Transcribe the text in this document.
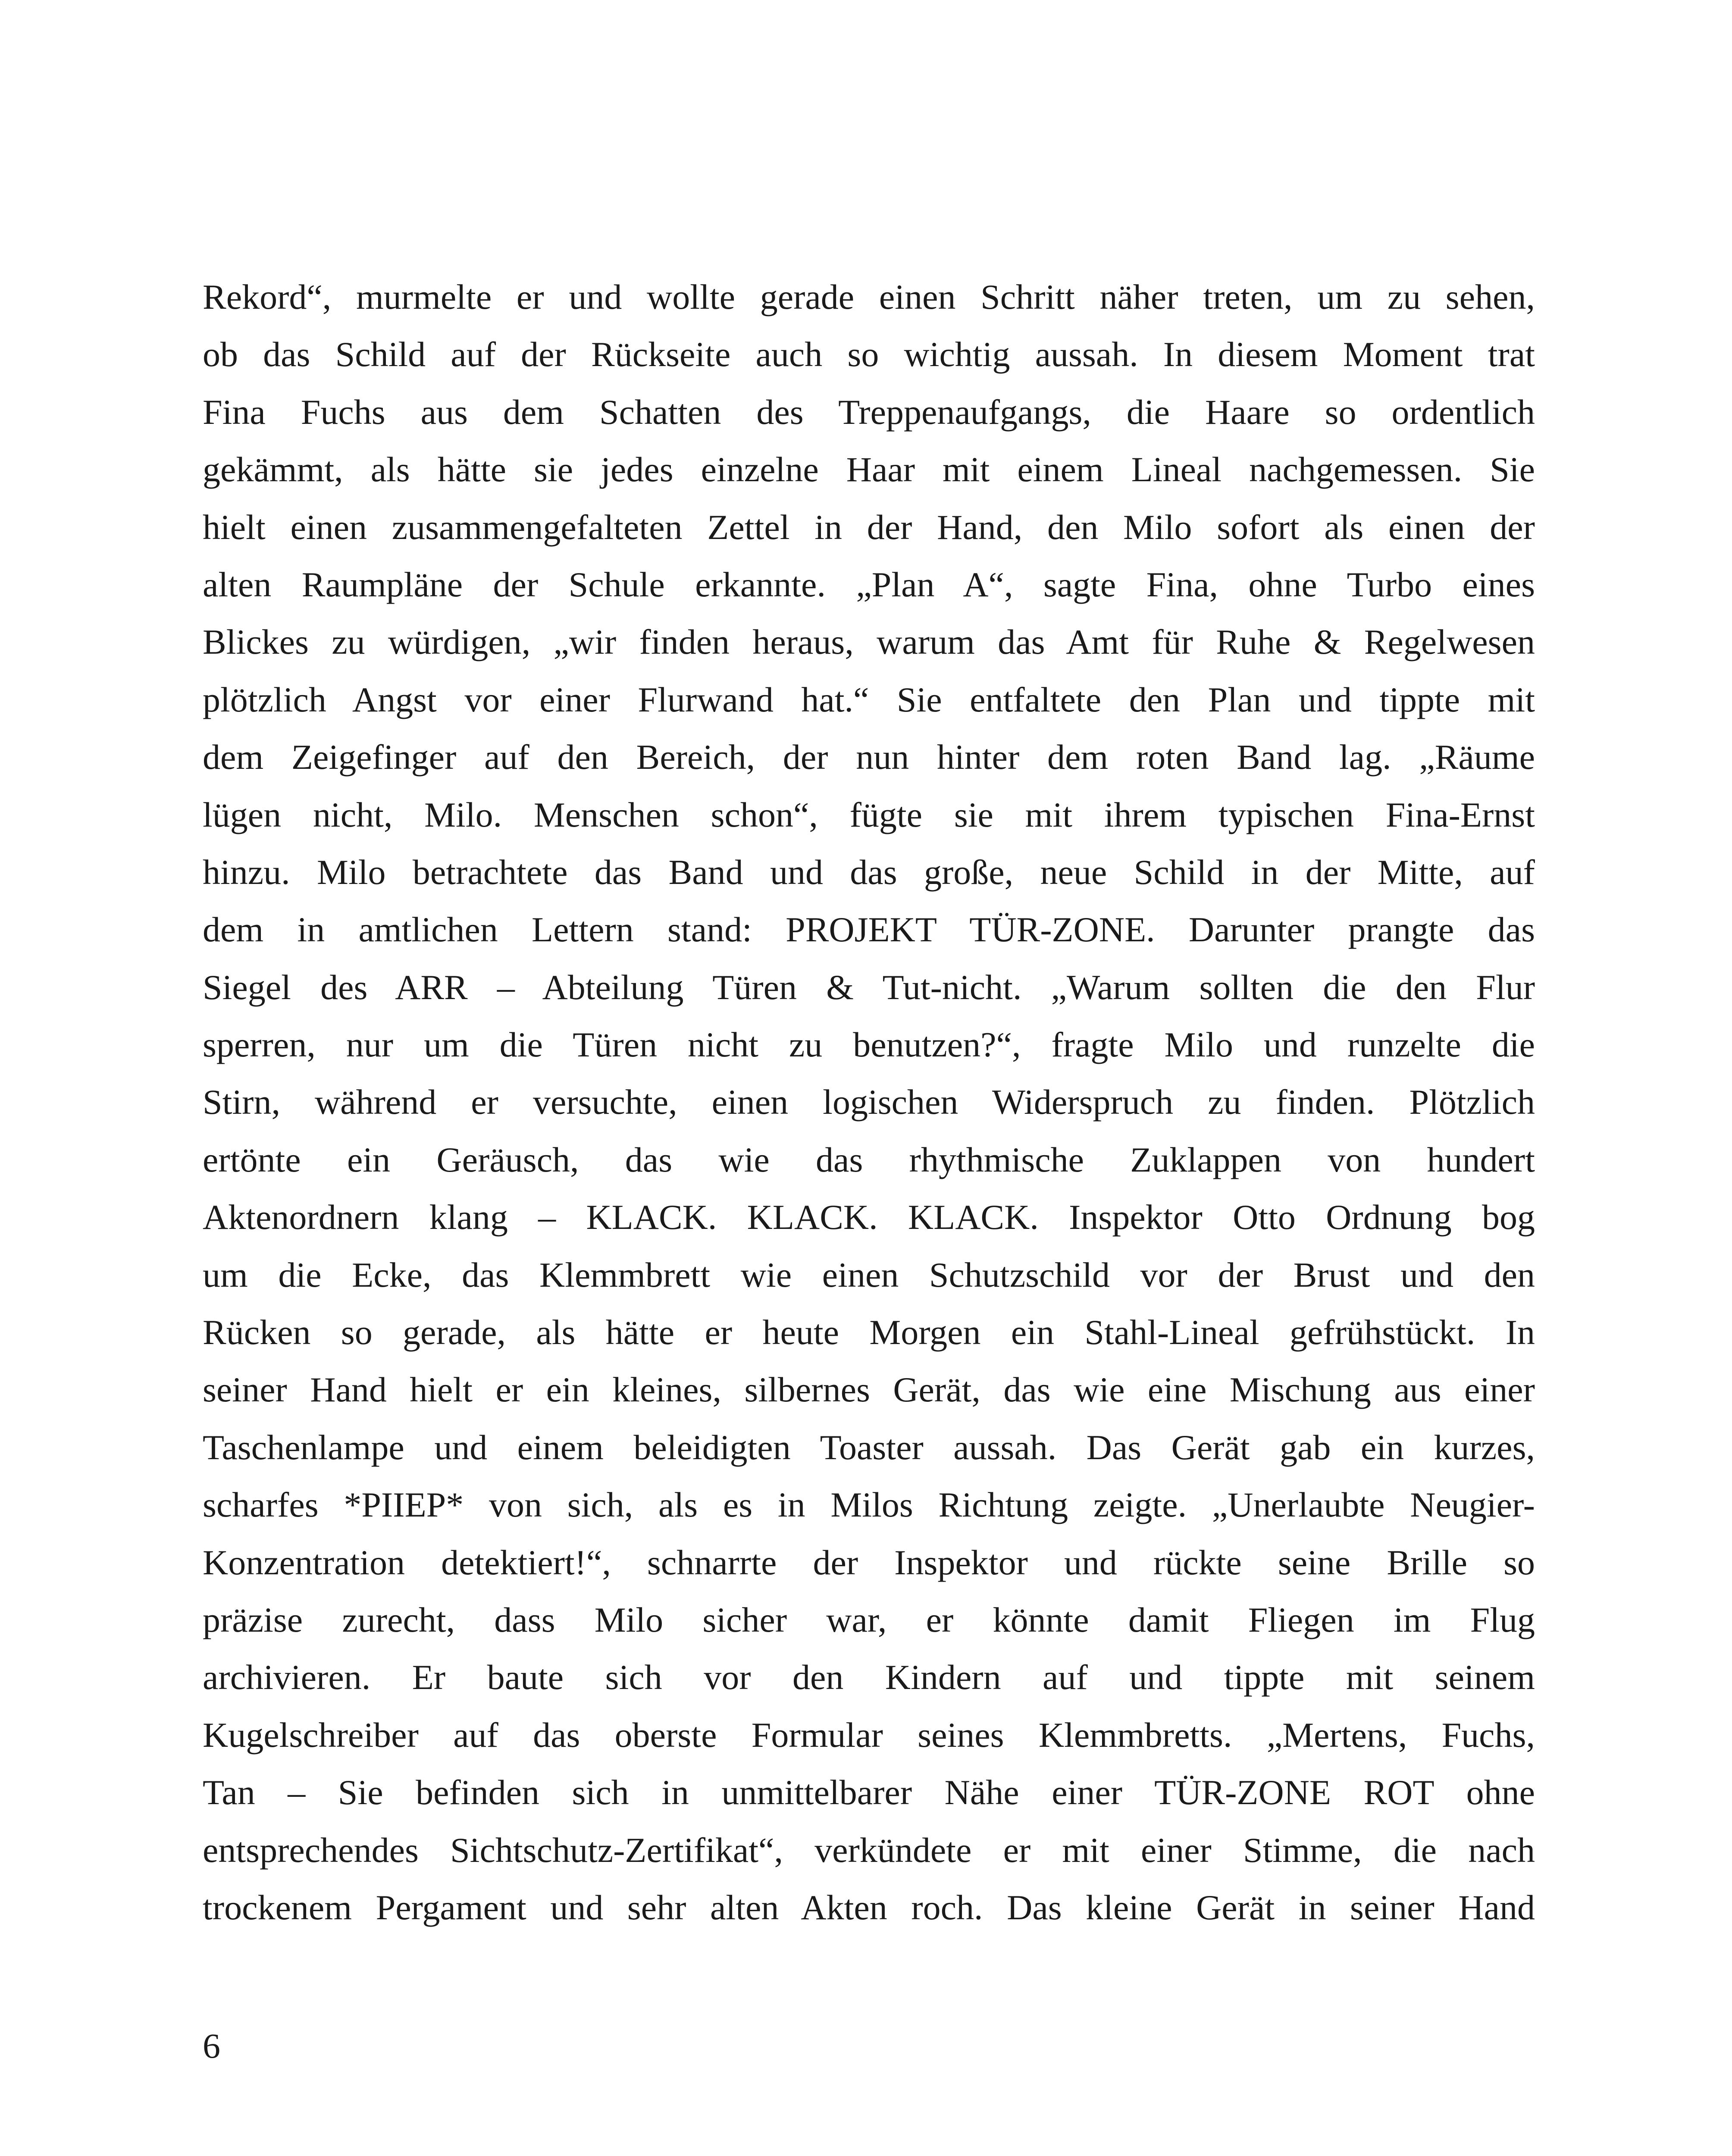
Rekord“, murmelte er und wollte gerade einen Schritt näher treten, um zu sehen,
ob das Schild auf der Rückseite auch so wichtig aussah. In diesem Moment trat
Fina Fuchs aus dem Schatten des Treppenaufgangs, die Haare so ordentlich
gekämmt, als hätte sie jedes einzelne Haar mit einem Lineal nachgemessen. Sie
hielt einen zusammengefalteten Zettel in der Hand, den Milo sofort als einen der
alten Raumpläne der Schule erkannte. „Plan A“, sagte Fina, ohne Turbo eines
Blickes zu würdigen, „wir finden heraus, warum das Amt für Ruhe & Regelwesen
plötzlich Angst vor einer Flurwand hat.“ Sie entfaltete den Plan und tippte mit
dem Zeigefinger auf den Bereich, der nun hinter dem roten Band lag. „Räume
lügen nicht, Milo. Menschen schon“, fügte sie mit ihrem typischen Fina-Ernst
hinzu. Milo betrachtete das Band und das große, neue Schild in der Mitte, auf
dem in amtlichen Lettern stand: PROJEKT TÜR-ZONE. Darunter prangte das
Siegel des ARR – Abteilung Türen & Tut-nicht. „Warum sollten die den Flur
sperren, nur um die Türen nicht zu benutzen?“, fragte Milo und runzelte die
Stirn, während er versuchte, einen logischen Widerspruch zu finden. Plötzlich
ertönte ein Geräusch, das wie das rhythmische Zuklappen von hundert
Aktenordnern klang – KLACK. KLACK. KLACK. Inspektor Otto Ordnung bog
um die Ecke, das Klemmbrett wie einen Schutzschild vor der Brust und den
Rücken so gerade, als hätte er heute Morgen ein Stahl-Lineal gefrühstückt. In
seiner Hand hielt er ein kleines, silbernes Gerät, das wie eine Mischung aus einer
Taschenlampe und einem beleidigten Toaster aussah. Das Gerät gab ein kurzes,
scharfes *PIIEP* von sich, als es in Milos Richtung zeigte. „Unerlaubte Neugier-
Konzentration detektiert!“, schnarrte der Inspektor und rückte seine Brille so
präzise zurecht, dass Milo sicher war, er könnte damit Fliegen im Flug
archivieren. Er baute sich vor den Kindern auf und tippte mit seinem
Kugelschreiber auf das oberste Formular seines Klemmbretts. „Mertens, Fuchs,
Tan – Sie befinden sich in unmittelbarer Nähe einer TÜR-ZONE ROT ohne
entsprechendes Sichtschutz-Zertifikat“, verkündete er mit einer Stimme, die nach
trockenem Pergament und sehr alten Akten roch. Das kleine Gerät in seiner Hand

6
